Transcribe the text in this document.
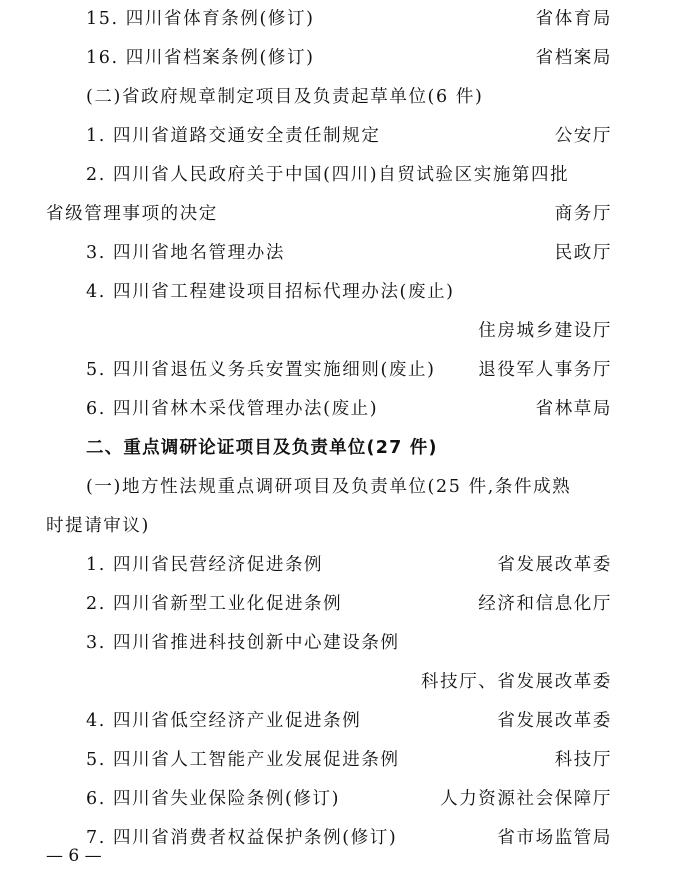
15. 四川省体育条例(修订)	省体育局
16. 四川省档案条例(修订)	省档案局
(二)省政府规章制定项目及负责起草单位(6 件)
1. 四川省道路交通安全责任制规定	公安厅
2. 四川省人民政府关于中国(四川)自贸试验区实施第四批
省级管理事项的决定	商务厅
3. 四川省地名管理办法	民政厅
4. 四川省工程建设项目招标代理办法(废止)
住房城乡建设厅
5. 四川省退伍义务兵安置实施细则(废止) 退役军人事务厅
6. 四川省林木采伐管理办法(废止)	省林草局
二、重点调研论证项目及负责单位(27 件)
(一)地方性法规重点调研项目及负责单位(25 件,条件成熟
时提请审议)
1. 四川省民营经济促进条例	省发展改革委
2. 四川省新型工业化促进条例	经济和信息化厅
3. 四川省推进科技创新中心建设条例
科技厅、省发展改革委
4. 四川省低空经济产业促进条例	省发展改革委
5. 四川省人工智能产业发展促进条例	科技厅
6. 四川省失业保险条例(修订)	人力资源社会保障厅
7. 四川省消费者权益保护条例(修订)	省市场监管局
— 6 —
